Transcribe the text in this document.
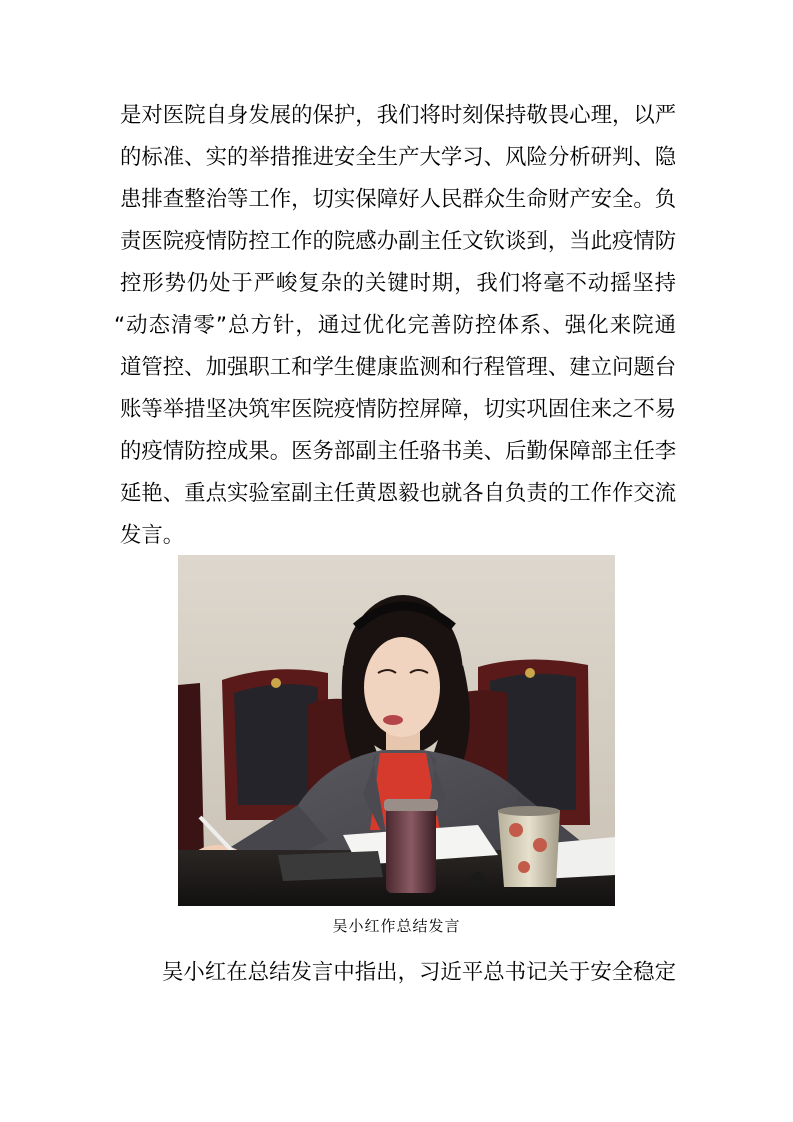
是对医院自身发展的保护，我们将时刻保持敬畏心理，以严
的标准、实的举措推进安全生产大学习、风险分析研判、隐
患排查整治等工作，切实保障好人民群众生命财产安全。负
责医院疫情防控工作的院感办副主任文钦谈到，当此疫情防
控形势仍处于严峻复杂的关键时期，我们将毫不动摇坚持
“动态清零”总方针，通过优化完善防控体系、强化来院通
道管控、加强职工和学生健康监测和行程管理、建立问题台
账等举措坚决筑牢医院疫情防控屏障，切实巩固住来之不易
的疫情防控成果。医务部副主任骆书美、后勤保障部主任李
延艳、重点实验室副主任黄恩毅也就各自负责的工作作交流
发言。
吴小红作总结发言
吴小红在总结发言中指出，习近平总书记关于安全稳定
